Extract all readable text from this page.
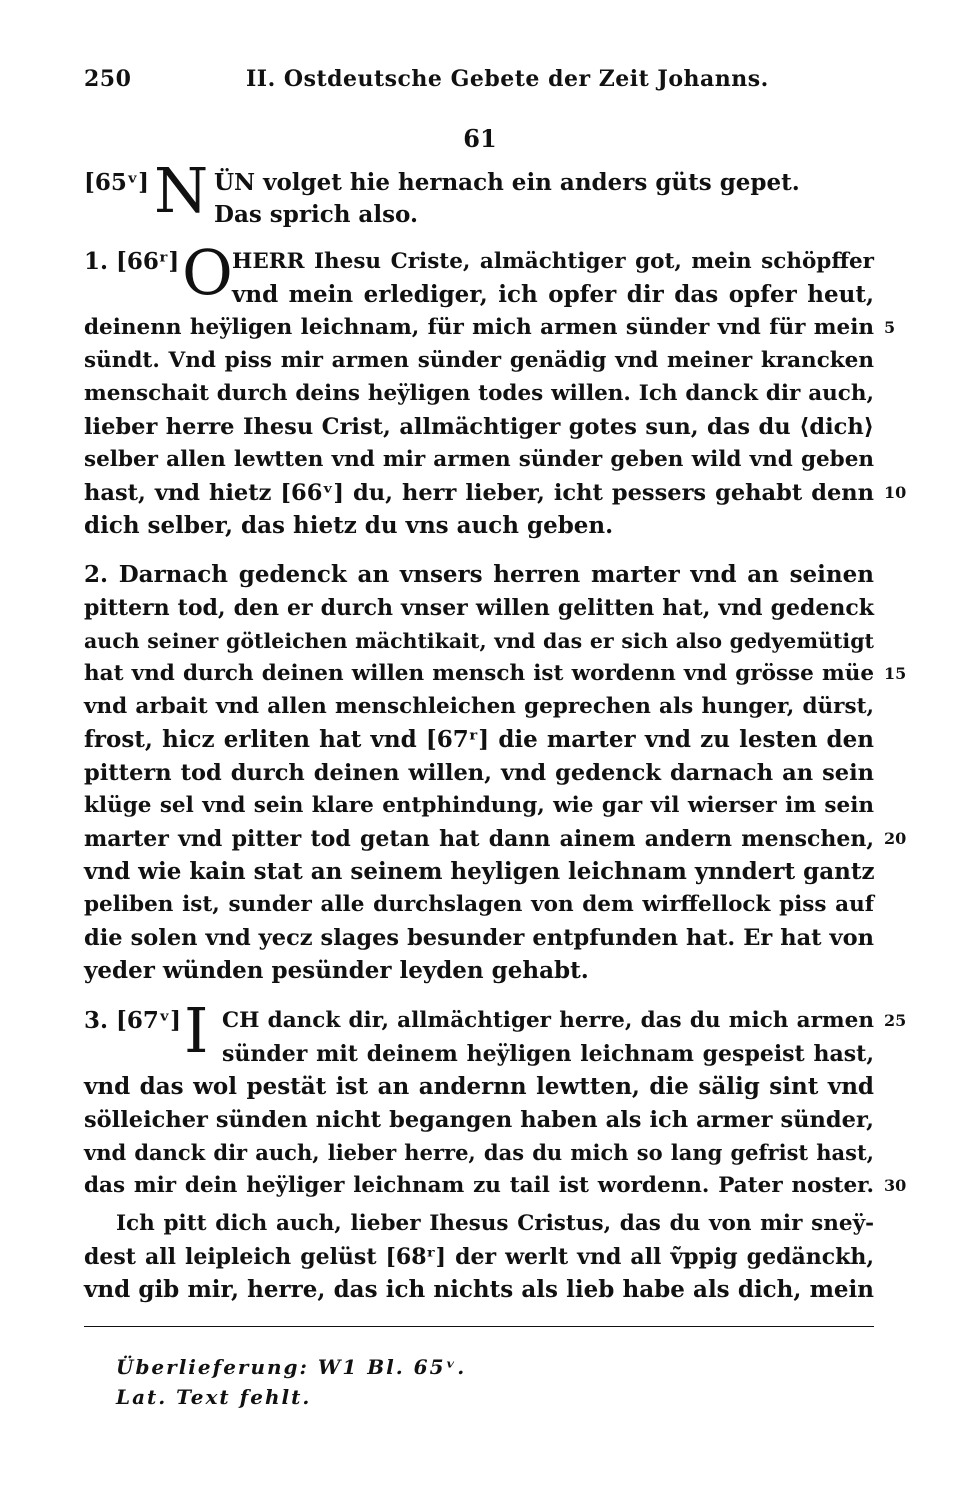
250	II. Ostdeutsche Gebete der Zeit Johanns.
61
[65ᵛ] N ÜN volget hie hernach ein anders güts gepet.
Das sprich also.
1. [66ʳ] O HERR Ihesu Criste, almächtiger got, mein schöpffer
vnd mein erlediger, ich opfer dir das opfer heut,
deinenn heÿligen leichnam, für mich armen sünder vnd für mein
sündt. Vnd piss mir armen sünder genädig vnd meiner krancken
menschait durch deins heÿligen todes willen. Ich danck dir auch,
lieber herre Ihesu Crist, allmächtiger gotes sun, das du ⟨dich⟩
selber allen lewtten vnd mir armen sünder geben wild vnd geben
hast, vnd hietz [66ᵛ] du, herr lieber, icht pessers gehabt denn
dich selber, das hietz du vns auch geben.
2. Darnach gedenck an vnsers herren marter vnd an seinen
pittern tod, den er durch vnser willen gelitten hat, vnd gedenck
auch seiner götleichen mächtikait, vnd das er sich also gedyemütigt
hat vnd durch deinen willen mensch ist wordenn vnd grösse müe
vnd arbait vnd allen menschleichen geprechen als hunger, dürst,
frost, hicz erliten hat vnd [67ʳ] die marter vnd zu lesten den
pittern tod durch deinen willen, vnd gedenck darnach an sein
klüge sel vnd sein klare entphindung, wie gar vil wierser im sein
marter vnd pitter tod getan hat dann ainem andern menschen,
vnd wie kain stat an seinem heyligen leichnam ynndert gantz
peliben ist, sunder alle durchslagen von dem wirffellock piss auf
die solen vnd yecz slages besunder entpfunden hat. Er hat von
yeder wünden pesünder leyden gehabt.
3. [67ᵛ] I CH danck dir, allmächtiger herre, das du mich armen
sünder mit deinem heÿligen leichnam gespeist hast,
vnd das wol pestät ist an andernn lewtten, die sälig sint vnd
sölleicher sünden nicht begangen haben als ich armer sünder,
vnd danck dir auch, lieber herre, das du mich so lang gefrist hast,
das mir dein heÿliger leichnam zu tail ist wordenn. Pater noster.
Ich pitt dich auch, lieber Ihesus Cristus, das du von mir sneÿ-
dest all leipleich gelüst [68ʳ] der werlt vnd all ṽppig gedänckh,
vnd gib mir, herre, das ich nichts als lieb habe als dich, mein
5
10
15
20
25
30
Überlieferung: W1 Bl. 65ᵛ.
Lat. Text fehlt.
